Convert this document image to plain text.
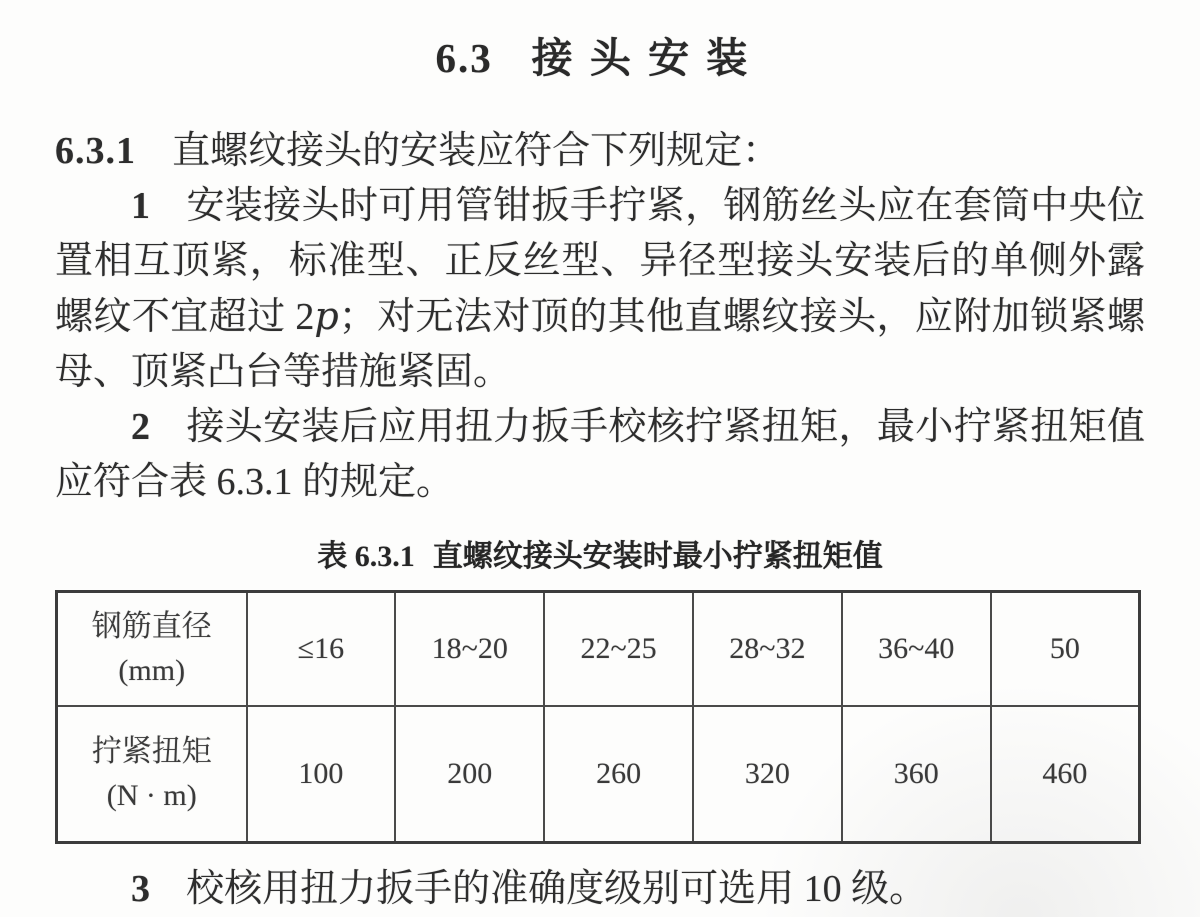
6.3 接头安装

6.3.1 直螺纹接头的安装应符合下列规定：

1 安装接头时可用管钳扳手拧紧，钢筋丝头应在套筒中央位置相互顶紧，标准型、正反丝型、异径型接头安装后的单侧外露螺纹不宜超过 2p；对无法对顶的其他直螺纹接头，应附加锁紧螺母、顶紧凸台等措施紧固。

2 接头安装后应用扭力扳手校核拧紧扭矩，最小拧紧扭矩值应符合表 6.3.1 的规定。

表 6.3.1 直螺纹接头安装时最小拧紧扭矩值
钢筋直径
(mm)	≤16	18~20	22~25	28~32	36~40	50

拧紧扭矩
(N · m)	100	200	260	320	360	460

3 校核用扭力扳手的准确度级别可选用 10 级。
